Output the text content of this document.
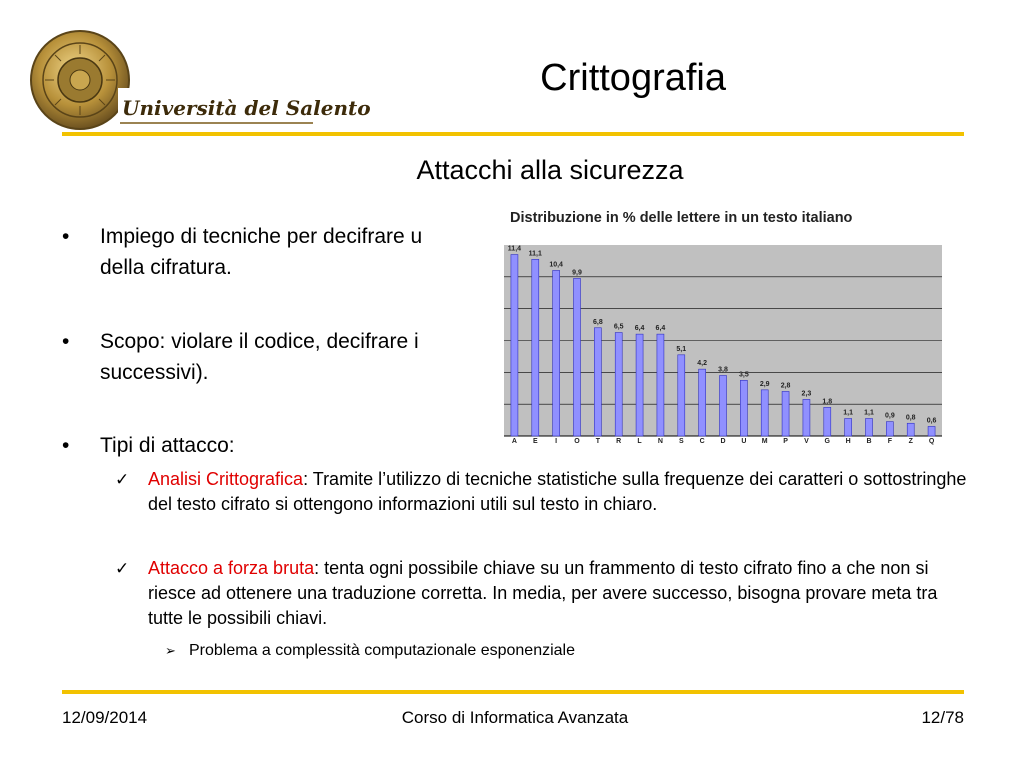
Università del Salento
Crittografia
Attacchi alla sicurezza
• Impiego di tecniche per decifrare u
della cifratura.
• Scopo: violare il codice, decifrare i
successivi).
• Tipi di attacco:
Distribuzione in % delle lettere in un testo italiano
11,4
A
11,1
E
10,4
I
9,9
O
6,8
T
6,5
R
6,4
L
6,4
N
5,1
S
4,2
C
3,8
D
3,5
U
2,9
M
2,8
P
2,3
V
1,8
G
1,1
H
1,1
B
0,9
F
0,8
Z
0,6
Q
✓ Analisi Crittografica: Tramite l’utilizzo di tecniche statistiche sulla frequenze dei caratteri o sottostringhe del testo cifrato si ottengono informazioni utili sul testo in chiaro.
✓ Attacco a forza bruta: tenta ogni possibile chiave su un frammento di testo cifrato fino a che non si riesce ad ottenere una traduzione corretta. In media, per avere successo, bisogna provare meta tra tutte le possibili chiavi.
➢ Problema a complessità computazionale esponenziale
12/09/2014	Corso di Informatica Avanzata	12/78
